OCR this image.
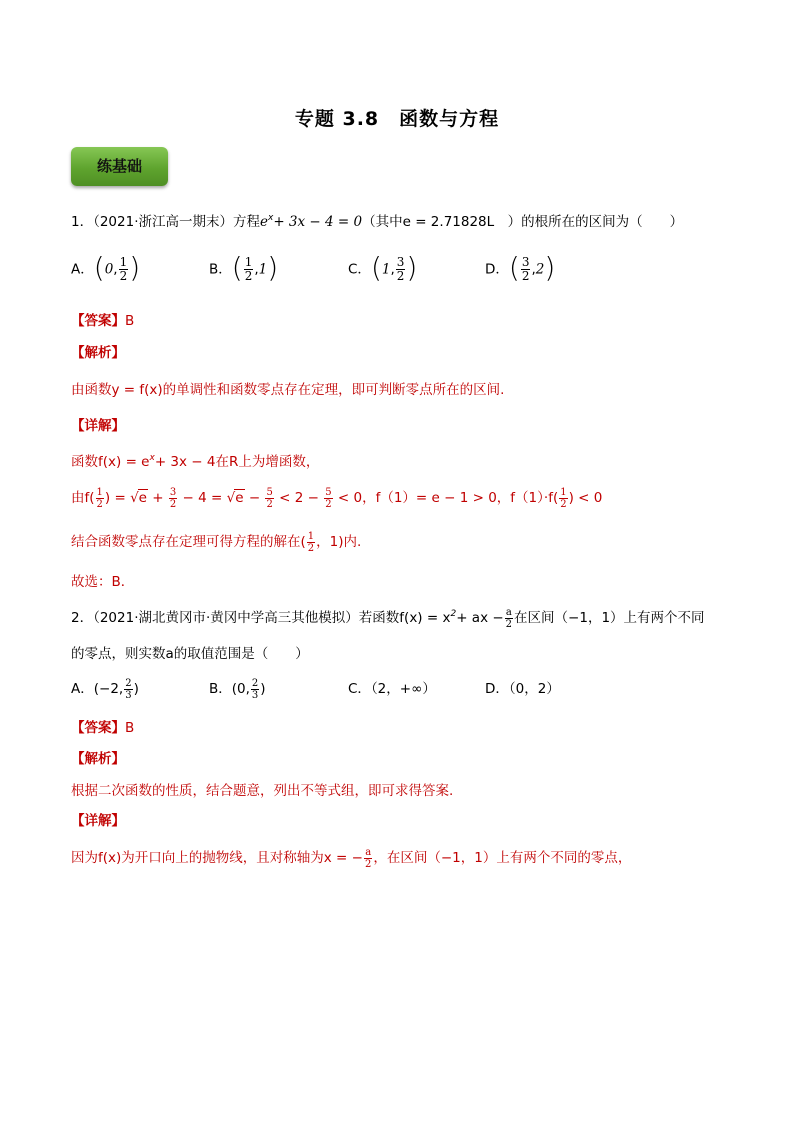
专题 3.8　函数与方程
练基础
1．（2021·浙江高一期末）方程$e^x+ 3x - 4 = 0$（其中e = 2.71828L　）的根所在的区间为（　　）
A．(0, $\frac{1}{2}$ )	B．( $\frac{1}{2} ,1$)	C．(1, $\frac{3}{2}$ )	D．( $\frac{3}{2} ,2$)
【答案】B
【解析】
由函数y = f(x)的单调性和函数零点存在定理，即可判断零点所在的区间.
【详解】
函数$f(x) = e^x+ 3x - 4$在R上为增函数，
由$f( \frac{1}{2}$ ) = $√e + \frac{3}{2} - 4 = √e - \frac{5}{2} < 2 - \frac{5}{2} < 0$，f（1）= e − 1 > 0，$f(1)\cdot f( \frac{1}{2}$ ) < 0
结合函数零点存在定理可得方程的解在( $\frac{1}{2}$ ，1)内.
故选：B．
2．（2021·湖北黄冈市·黄冈中学高三其他模拟）若函数$f(x) = x^2+$ ax − $\frac{a}{2}$ 在区间（−1，1）上有两个不同
的零点，则实数a的取值范围是（　　）
A．(−2, $\frac{2}{3}$ )	B．(0, $\frac{2}{3}$ )	C．（2，+∞）	D．（0，2）
【答案】B
【解析】
根据二次函数的性质，结合题意，列出不等式组，即可求得答案.
【详解】
因为f(x)为开口向上的抛物线，且对称轴为x = − $\frac{a}{2}$ ，在区间（−1，1）上有两个不同的零点，
